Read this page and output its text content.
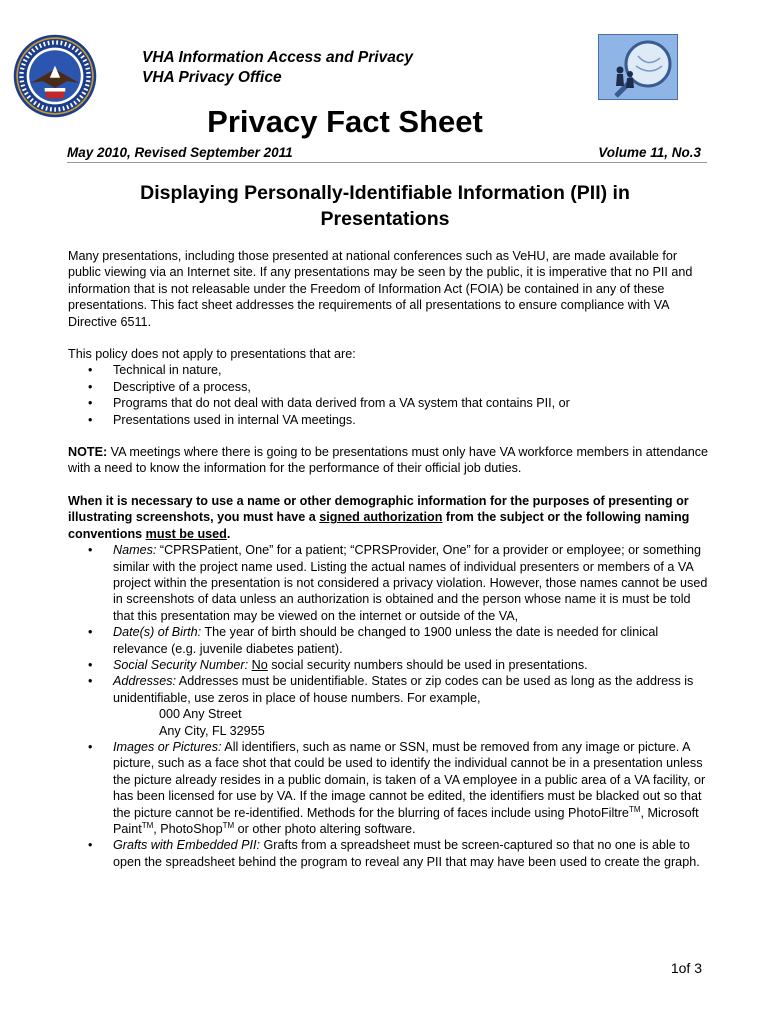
VHA Information Access and Privacy
VHA Privacy Office
Privacy Fact Sheet
May 2010, Revised September 2011	Volume 11, No.3
Displaying Personally-Identifiable Information (PII) in
Presentations

Many presentations, including those presented at national conferences such as VeHU, are made available for public viewing via an Internet site. If any presentations may be seen by the public, it is imperative that no PII and information that is not releasable under the Freedom of Information Act (FOIA) be contained in any of these presentations. This fact sheet addresses the requirements of all presentations to ensure compliance with VA Directive 6511.

This policy does not apply to presentations that are:
• Technical in nature,
• Descriptive of a process,
• Programs that do not deal with data derived from a VA system that contains PII, or
• Presentations used in internal VA meetings.

NOTE: VA meetings where there is going to be presentations must only have VA workforce members in attendance with a need to know the information for the performance of their official job duties.

When it is necessary to use a name or other demographic information for the purposes of presenting or illustrating screenshots, you must have a signed authorization from the subject or the following naming conventions must be used.

• Names: “CPRSPatient, One” for a patient; “CPRSProvider, One” for a provider or employee; or something similar with the project name used. Listing the actual names of individual presenters or members of a VA project within the presentation is not considered a privacy violation. However, those names cannot be used in screenshots of data unless an authorization is obtained and the person whose name it is must be told that this presentation may be viewed on the internet or outside of the VA,
• Date(s) of Birth: The year of birth should be changed to 1900 unless the date is needed for clinical relevance (e.g. juvenile diabetes patient).
• Social Security Number: No social security numbers should be used in presentations.
• Addresses: Addresses must be unidentifiable. States or zip codes can be used as long as the address is unidentifiable, use zeros in place of house numbers. For example,
000 Any Street
Any City, FL 32955
• Images or Pictures: All identifiers, such as name or SSN, must be removed from any image or picture. A picture, such as a face shot that could be used to identify the individual cannot be in a presentation unless the picture already resides in a public domain, is taken of a VA employee in a public area of a VA facility, or has been licensed for use by VA. If the image cannot be edited, the identifiers must be blacked out so that the picture cannot be re-identified. Methods for the blurring of faces include using PhotoFiltre™, Microsoft Paint™, PhotoShop™ or other photo altering software.
• Grafts with Embedded PII: Grafts from a spreadsheet must be screen-captured so that no one is able to open the spreadsheet behind the program to reveal any PII that may have been used to create the graph.
1of 3
